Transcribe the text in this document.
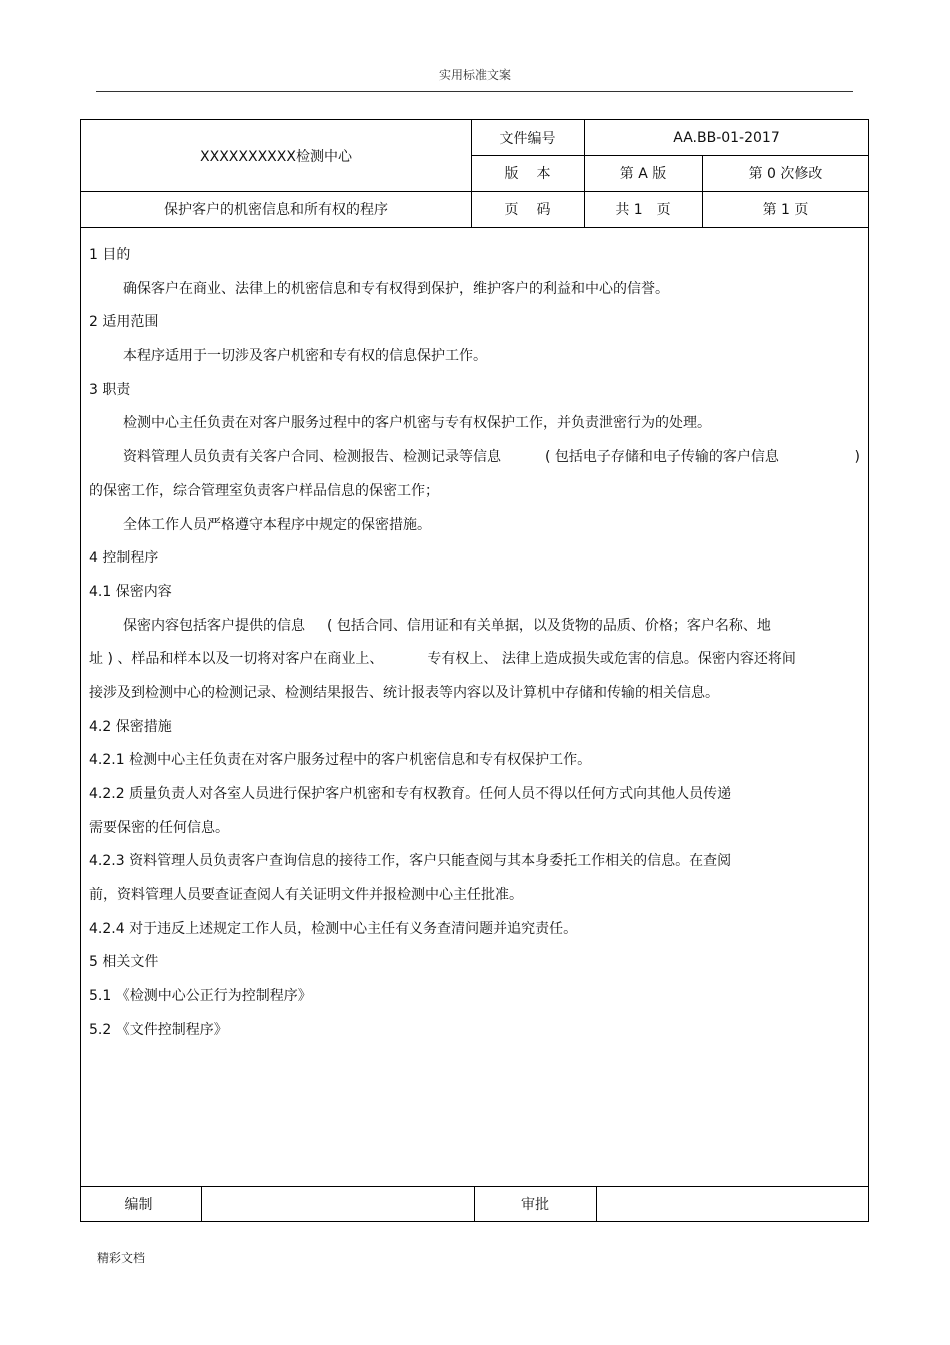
实用标准文案
XXXXXXXXXX检测中心
文件编号	AA.BB-01-2017
版本	第 A 版	第 0 次修改
保护客户的机密信息和所有权的程序	页码	共 1　页	第 1 页
1 目的
确保客户在商业、法律上的机密信息和专有权得到保护，维护客户的利益和中心的信誉。
2 适用范围
本程序适用于一切涉及客户机密和专有权的信息保护工作。
3 职责
检测中心主任负责在对客户服务过程中的客户机密与专有权保护工作，并负责泄密行为的处理。
资料管理人员负责有关客户合同、检测报告、检测记录等信息	( 包括电子存储和电子传输的客户信息	)
的保密工作，综合管理室负责客户样品信息的保密工作；
全体工作人员严格遵守本程序中规定的保密措施。
4 控制程序
4.1 保密内容
保密内容包括客户提供的信息 ( 包括合同、信用证和有关单据，以及货物的品质、价格；客户名称、地
址 ) 、样品和样本以及一切将对客户在商业上、	专有权上、 法律上造成损失或危害的信息。保密内容还将间
接涉及到检测中心的检测记录、检测结果报告、统计报表等内容以及计算机中存储和传输的相关信息。
4.2 保密措施
4.2.1 检测中心主任负责在对客户服务过程中的客户机密信息和专有权保护工作。
4.2.2 质量负责人对各室人员进行保护客户机密和专有权教育。任何人员不得以任何方式向其他人员传递
需要保密的任何信息。
4.2.3 资料管理人员负责客户查询信息的接待工作，客户只能查阅与其本身委托工作相关的信息。在查阅
前，资料管理人员要查证查阅人有关证明文件并报检测中心主任批准。
4.2.4 对于违反上述规定工作人员，检测中心主任有义务查清问题并追究责任。
5 相关文件
5.1 《检测中心公正行为控制程序》
5.2 《文件控制程序》
编制	审批
精彩文档
